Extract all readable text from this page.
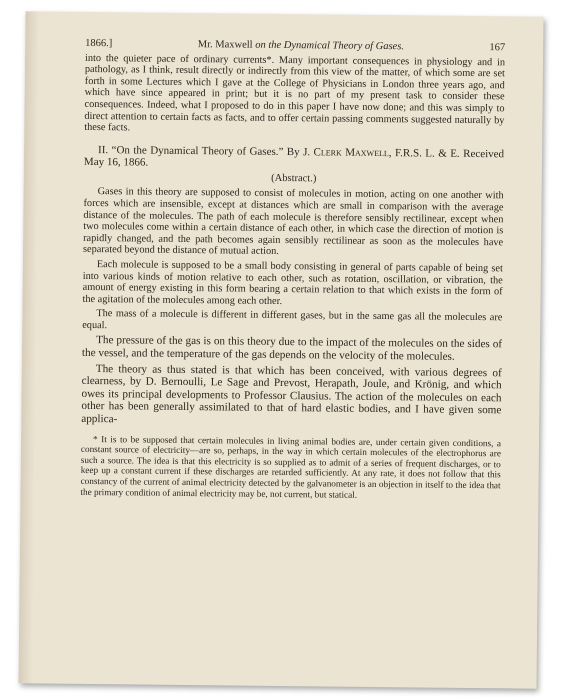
1866.]	Mr. Maxwell on the Dynamical Theory of Gases.	167

into the quieter pace of ordinary currents*. Many important consequences in physiology and in pathology, as I think, result directly or indirectly from this view of the matter, of which some are set forth in some Lectures which I gave at the College of Physicians in London three years ago, and which have since appeared in print; but it is no part of my present task to consider these consequences. Indeed, what I proposed to do in this paper I have now done; and this was simply to direct attention to certain facts as facts, and to offer certain passing comments suggested naturally by these facts.

II. “On the Dynamical Theory of Gases.” By J. Clerk Maxwell, F.R.S. L. & E. Received May 16, 1866.

(Abstract.)

Gases in this theory are supposed to consist of molecules in motion, acting on one another with forces which are insensible, except at distances which are small in comparison with the average distance of the molecules. The path of each molecule is therefore sensibly rectilinear, except when two molecules come within a certain distance of each other, in which case the direction of motion is rapidly changed, and the path becomes again sensibly rectilinear as soon as the molecules have separated beyond the distance of mutual action.

Each molecule is supposed to be a small body consisting in general of parts capable of being set into various kinds of motion relative to each other, such as rotation, oscillation, or vibration, the amount of energy existing in this form bearing a certain relation to that which exists in the form of the agitation of the molecules among each other.

The mass of a molecule is different in different gases, but in the same gas all the molecules are equal.

The pressure of the gas is on this theory due to the impact of the molecules on the sides of the vessel, and the temperature of the gas depends on the velocity of the molecules.

The theory as thus stated is that which has been conceived, with various degrees of clearness, by D. Bernoulli, Le Sage and Prevost, Herapath, Joule, and Krönig, and which owes its principal developments to Professor Clausius. The action of the molecules on each other has been generally assimilated to that of hard elastic bodies, and I have given some applica-

* It is to be supposed that certain molecules in living animal bodies are, under certain given conditions, a constant source of electricity—are so, perhaps, in the way in which certain molecules of the electrophorus are such a source. The idea is that this electricity is so supplied as to admit of a series of frequent discharges, or to keep up a constant current if these discharges are retarded sufficiently. At any rate, it does not follow that this constancy of the current of animal electricity detected by the galvanometer is an objection in itself to the idea that the primary condition of animal electricity may be, not current, but statical.
